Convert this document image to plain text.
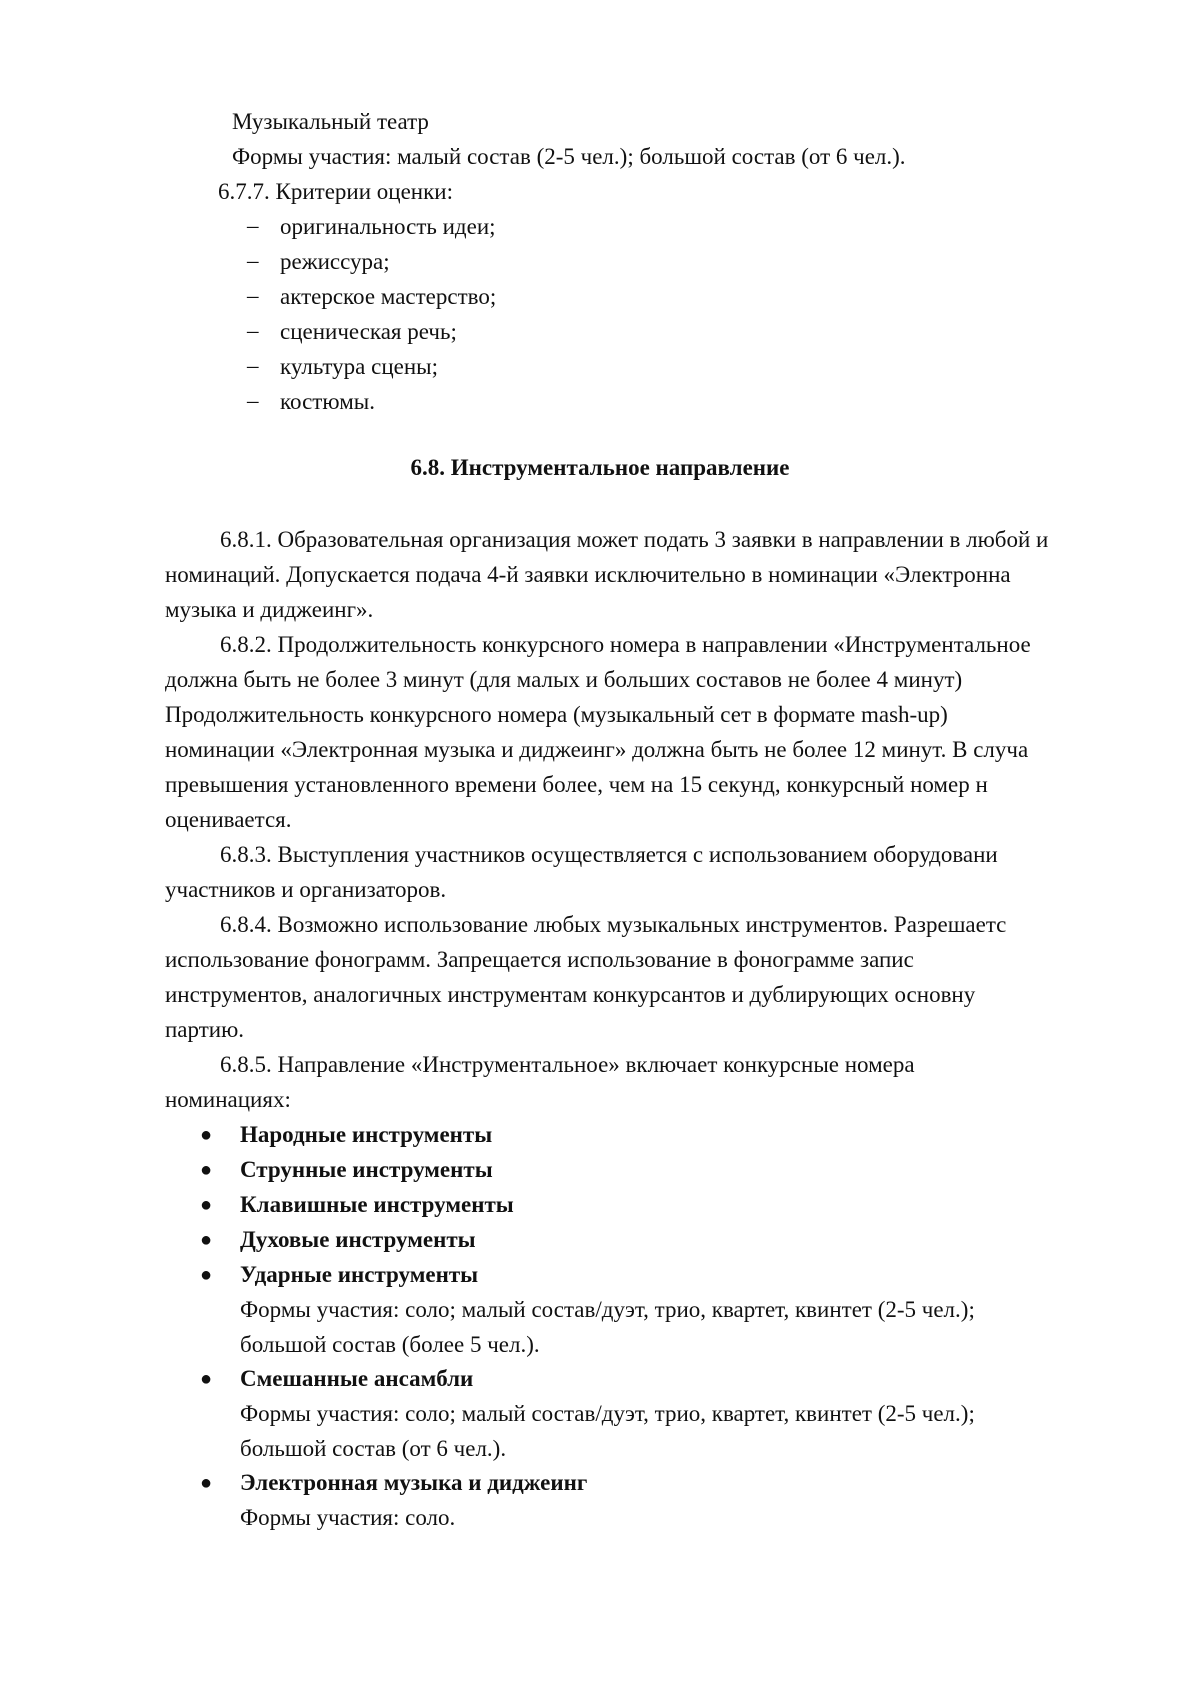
Музыкальный театр
Формы участия: малый состав (2-5 чел.); большой состав (от 6 чел.).
6.7.7. Критерии оценки:
– оригинальность идеи;
– режиссура;
– актерское мастерство;
– сценическая речь;
– культура сцены;
– костюмы.
6.8. Инструментальное направление
6.8.1. Образовательная организация может подать 3 заявки в направлении в любой и
номинаций. Допускается подача 4-й заявки исключительно в номинации «Электронна
музыка и диджеинг».
6.8.2. Продолжительность конкурсного номера в направлении «Инструментальное
должна быть не более 3 минут (для малых и больших составов не более 4 минут)
Продолжительность конкурсного номера (музыкальный сет в формате mash-up)
номинации «Электронная музыка и диджеинг» должна быть не более 12 минут. В случа
превышения установленного времени более, чем на 15 секунд, конкурсный номер н
оценивается.
6.8.3. Выступления участников осуществляется с использованием оборудовани
участников и организаторов.
6.8.4. Возможно использование любых музыкальных инструментов. Разрешаетс
использование фонограмм. Запрещается использование в фонограмме запис
инструментов, аналогичных инструментам конкурсантов и дублирующих основну
партию.
6.8.5. Направление «Инструментальное» включает конкурсные номера
номинациях:
● Народные инструменты
● Струнные инструменты
● Клавишные инструменты
● Духовые инструменты
● Ударные инструменты
Формы участия: соло; малый состав/дуэт, трио, квартет, квинтет (2-5 чел.);
большой состав (более 5 чел.).
● Смешанные ансамбли
Формы участия: соло; малый состав/дуэт, трио, квартет, квинтет (2-5 чел.);
большой состав (от 6 чел.).
● Электронная музыка и диджеинг
Формы участия: соло.
